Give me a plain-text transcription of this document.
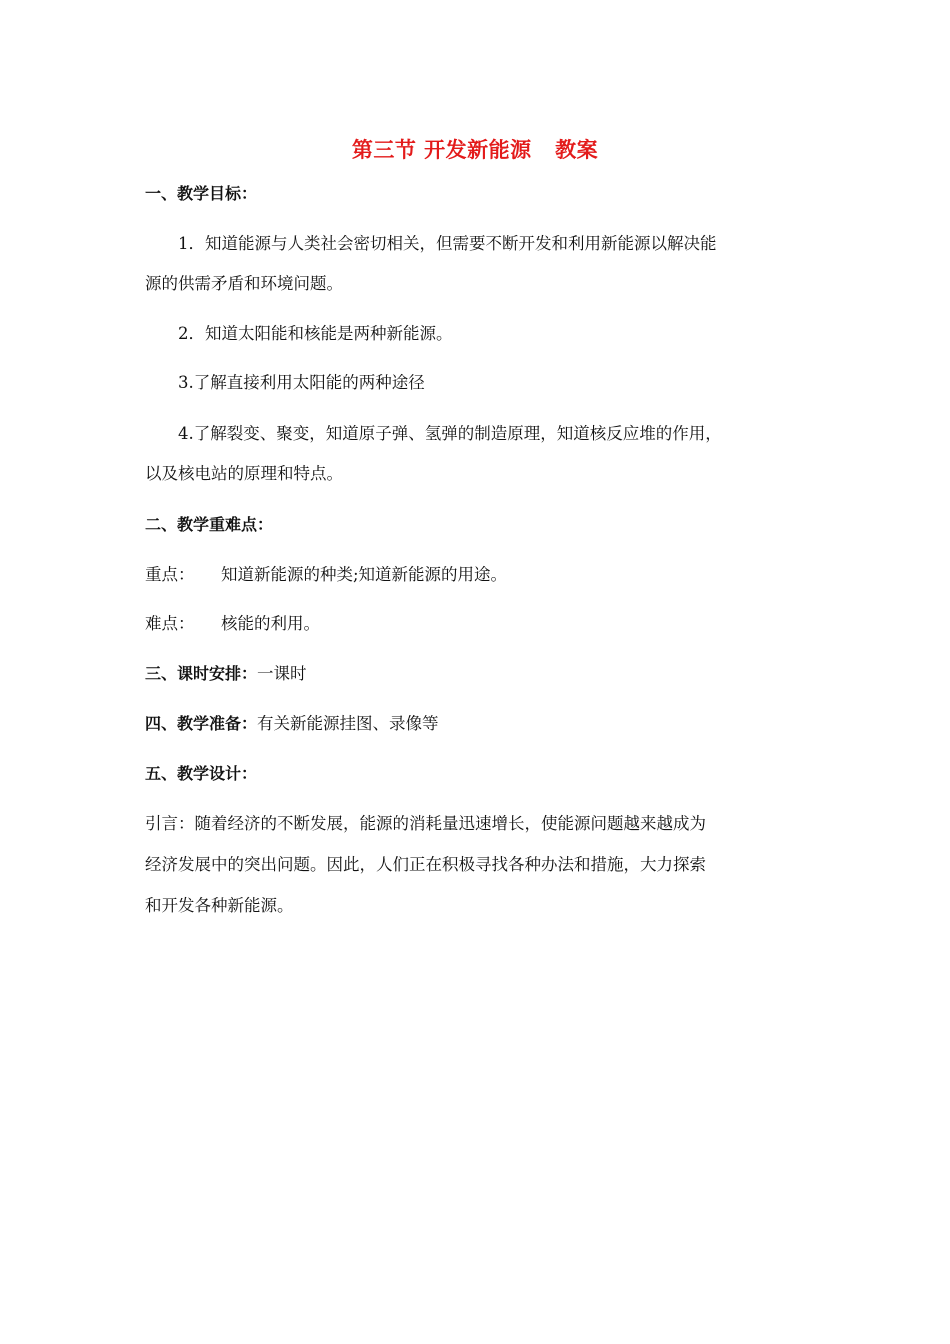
第三节 开发新能源   教案
一、教学目标：
1．知道能源与人类社会密切相关，但需要不断开发和利用新能源以解决能
源的供需矛盾和环境问题。
2．知道太阳能和核能是两种新能源。
3.了解直接利用太阳能的两种途径
4.了解裂变、聚变，知道原子弹、氢弹的制造原理，知道核反应堆的作用，
以及核电站的原理和特点。
二、教学重难点：
重点： 知道新能源的种类;知道新能源的用途。
难点： 核能的利用。
三、课时安排：一课时
四、教学准备：有关新能源挂图、录像等
五、教学设计：
引言：随着经济的不断发展，能源的消耗量迅速增长，使能源问题越来越成为
经济发展中的突出问题。因此，人们正在积极寻找各种办法和措施，大力探索
和开发各种新能源。
